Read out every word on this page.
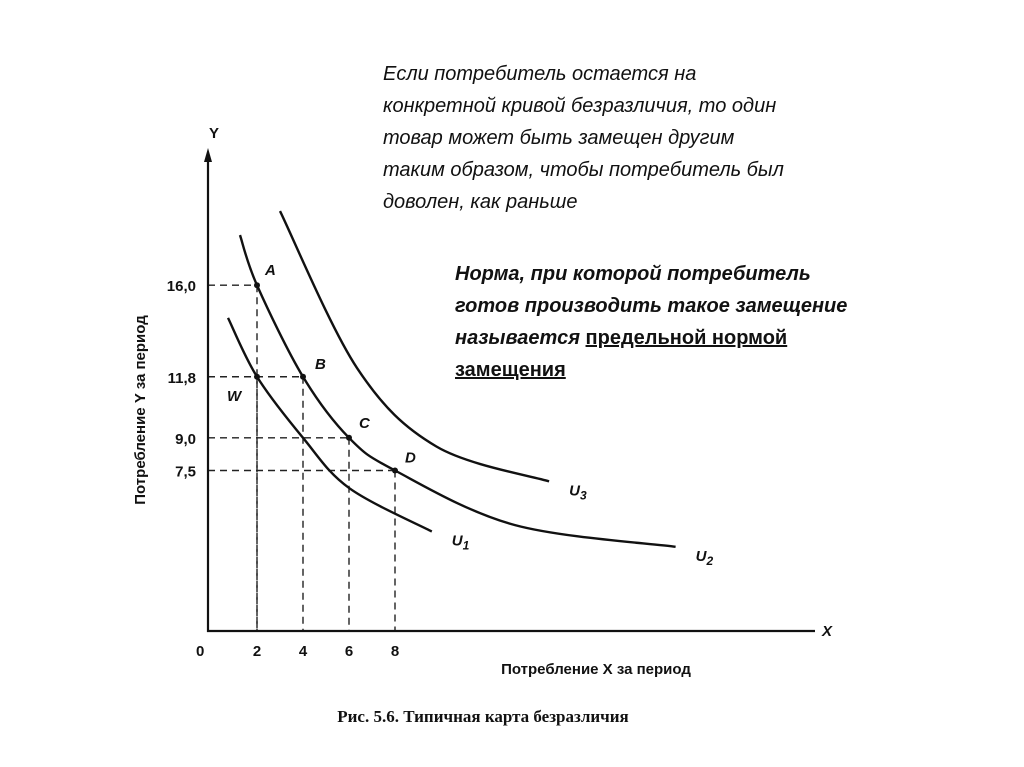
Если потребитель остается на
конкретной кривой безразличия, то один
товар может быть замещен другим
таким образом, чтобы потребитель был
доволен, как раньше
Норма, при которой потребитель
готов производить такое замещение
называется предельной нормой
замещения
$U_1$
$U_2$
$U_3$
A
B
C
D
W
Y
X
0	2	4	6	8
16,0
11,8
9,0
7,5
Потребление X за период
Потребление Y за период
Рис. 5.6. Типичная карта безразличия
